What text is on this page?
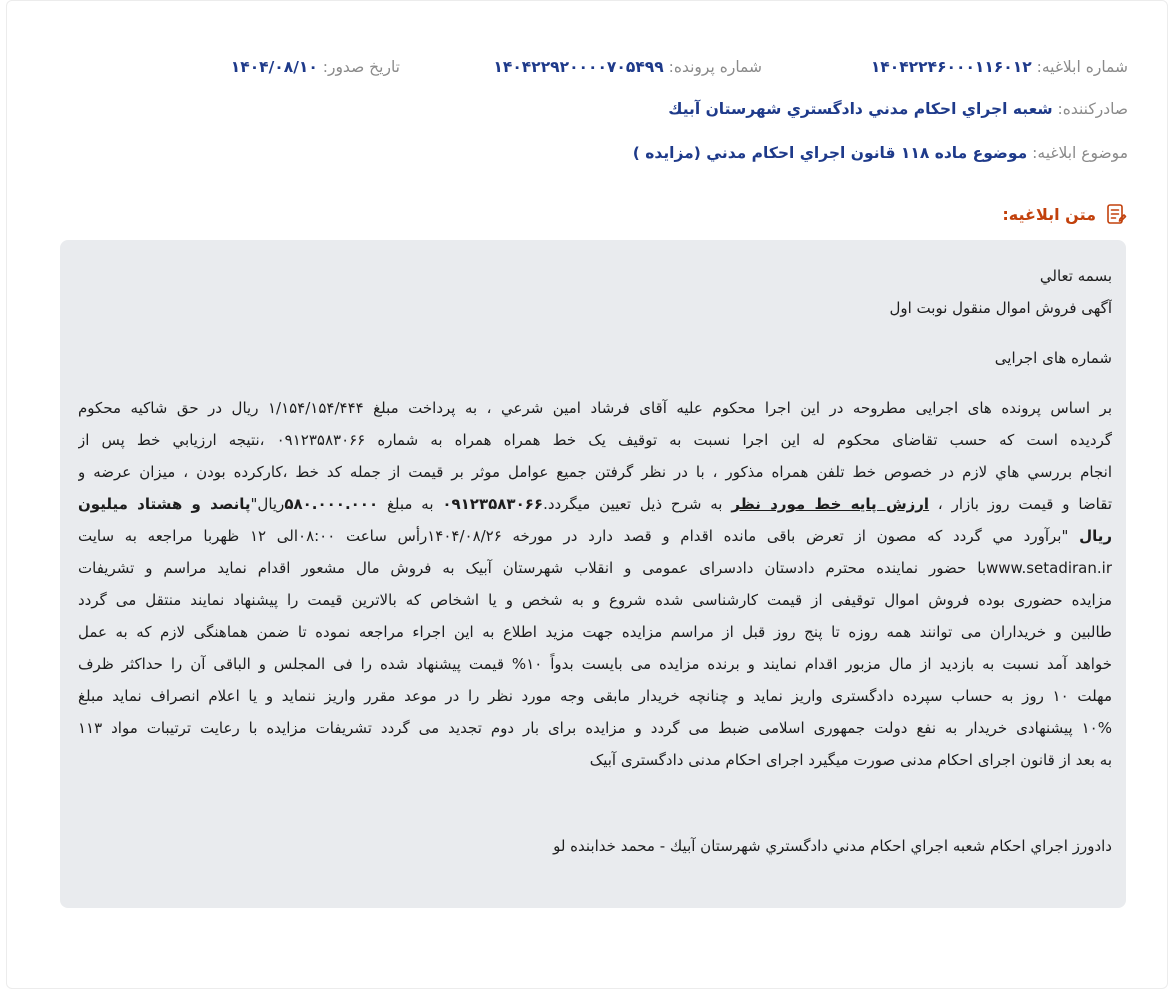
شماره ابلاغیه: ۱۴۰۴۲۲۴۶۰۰۰۱۱۶۰۱۲
شماره پرونده: ۱۴۰۴۲۲۹۲۰۰۰۰۷۰۵۴۹۹
تاریخ صدور: ۱۴۰۴/۰۸/۱۰
صادرکننده: شعبه اجراي احكام مدني دادگستري شهرستان آبيك
موضوع ابلاغیه: موضوع ماده ۱۱۸ قانون اجراي احكام مدني (مزايده )
متن ابلاغیه:
بسمه تعالي
آگهی فروش اموال منقول نوبت اول
شماره های اجرایی
بر اساس پرونده های اجرایی مطروحه در این اجرا محکوم علیه آقای فرشاد امین شرعي ، به پرداخت مبلغ ۱/۱۵۴/۱۵۴/۴۴۴ ريال در حق شاکیه محکوم
گردیده است که حسب تقاضای محکوم له این اجرا نسبت به توقيف يک خط همراه همراه به شماره ۰۹۱۲۳۵۸۳۰۶۶ ،نتيجه ارزيابي خط پس از
انجام بررسي هاي لازم در خصوص خط تلفن همراه مذکور ، با در نظر گرفتن جميع عوامل موثر بر قيمت از جمله کد خط ،کارکرده بودن ، ميزان عرضه و
تقاضا و قيمت روز بازار ، ارزش پایه خط مورد نظر به شرح ذیل تعیین میگردد.۰۹۱۲۳۵۸۳۰۶۶ به مبلغ ۵۸۰.۰۰۰.۰۰۰ريال"پانصد و هشتاد میلیون
ريال "برآورد مي گردد که مصون از تعرض باقی مانده اقدام و قصد دارد در مورخه ۱۴۰۴/۰۸/۲۶رأس ساعت ۰۸:۰۰الی ۱۲ ظهربا مراجعه به سایت
www.setadiran.irبا حضور نماینده محترم دادستان دادسرای عمومی و انقلاب شهرستان آبیک به فروش مال مشعور اقدام نماید مراسم و تشریفات
مزایده حضوری بوده فروش اموال توقیفی از قیمت کارشناسی شده شروع و به شخص و یا اشخاص که بالاترین قیمت را پیشنهاد نمایند منتقل می گردد
طالبین و خریداران می توانند همه روزه تا پنج روز قبل از مراسم مزایده جهت مزید اطلاع به این اجراء مراجعه نموده تا ضمن هماهنگی لازم که به عمل
خواهد آمد نسبت به بازدید از مال مزبور اقدام نمایند و برنده مزایده می بایست بدواً ۱۰% قیمت پیشنهاد شده را فی المجلس و الباقی آن را حداکثر ظرف
مهلت ۱۰ روز به حساب سپرده دادگستری واریز نماید و چنانچه خریدار مابقی وجه مورد نظر را در موعد مقرر واریز ننماید و یا اعلام انصراف نماید مبلغ
۱۰% پیشنهادی خریدار به نفع دولت جمهوری اسلامی ضبط می گردد و مزایده برای بار دوم تجدید می گردد تشریفات مزایده با رعایت ترتیبات مواد ۱۱۳
به بعد از قانون اجرای احکام مدنی صورت میگیرد اجرای احکام مدنی دادگستری آبیک
دادورز اجراي احكام شعبه اجراي احكام مدني دادگستري شهرستان آبيك - محمد خدابنده لو
